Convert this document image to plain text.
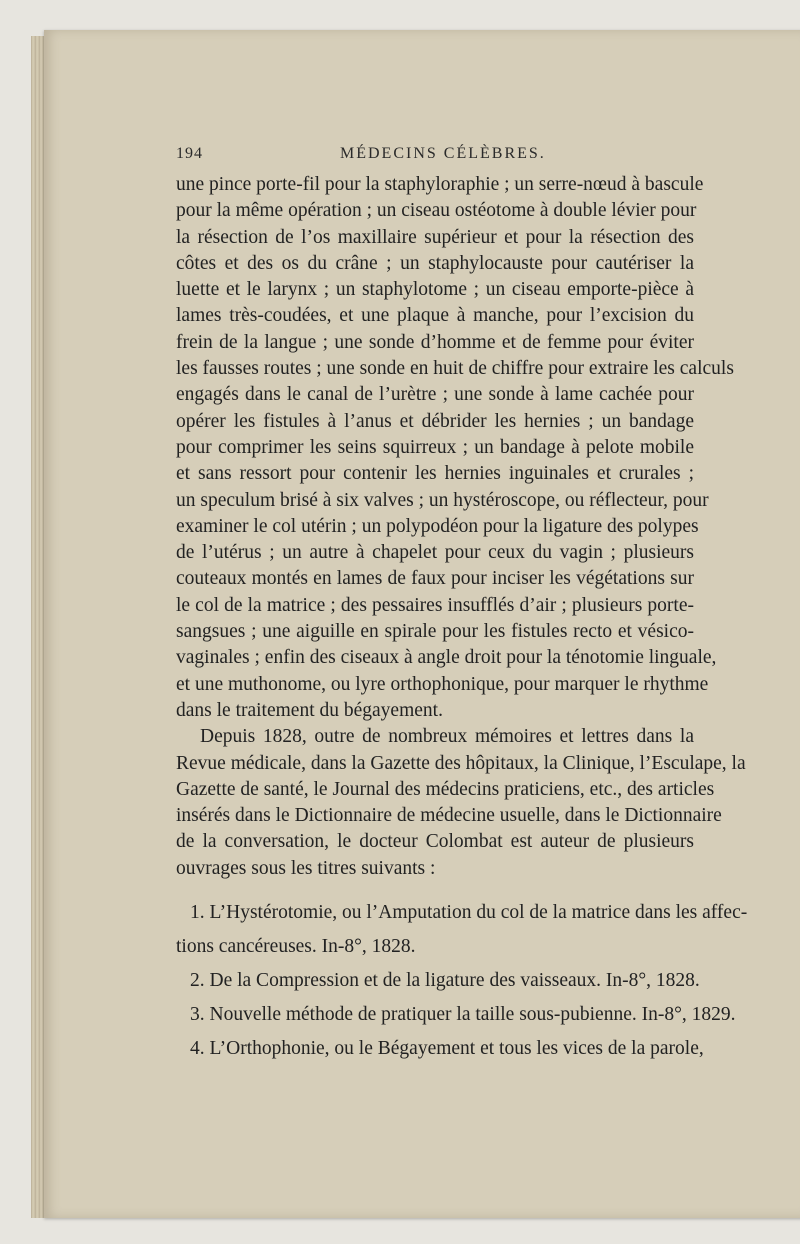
194	MÉDECINS CÉLÈBRES.
une pince porte-fil pour la staphyloraphie ; un serre-nœud à bascule
pour la même opération ; un ciseau ostéotome à double lévier pour
la résection de l’os maxillaire supérieur et pour la résection des
côtes et des os du crâne ; un staphylocauste pour cautériser la
luette et le larynx ; un staphylotome ; un ciseau emporte-pièce à
lames très-coudées, et une plaque à manche, pour l’excision du
frein de la langue ; une sonde d’homme et de femme pour éviter
les fausses routes ; une sonde en huit de chiffre pour extraire les calculs
engagés dans le canal de l’urètre ; une sonde à lame cachée pour
opérer les fistules à l’anus et débrider les hernies ; un bandage
pour comprimer les seins squirreux ; un bandage à pelote mobile
et sans ressort pour contenir les hernies inguinales et crurales ;
un speculum brisé à six valves ; un hystéroscope, ou réflecteur, pour
examiner le col utérin ; un polypodéon pour la ligature des polypes
de l’utérus ; un autre à chapelet pour ceux du vagin ; plusieurs
couteaux montés en lames de faux pour inciser les végétations sur
le col de la matrice ; des pessaires insufflés d’air ; plusieurs porte-
sangsues ; une aiguille en spirale pour les fistules recto et vésico-
vaginales ; enfin des ciseaux à angle droit pour la ténotomie linguale,
et une muthonome, ou lyre orthophonique, pour marquer le rhythme
dans le traitement du bégayement.
Depuis 1828, outre de nombreux mémoires et lettres dans la
Revue médicale, dans la Gazette des hôpitaux, la Clinique, l’Esculape, la
Gazette de santé, le Journal des médecins praticiens, etc., des articles
insérés dans le Dictionnaire de médecine usuelle, dans le Dictionnaire
de la conversation, le docteur Colombat est auteur de plusieurs
ouvrages sous les titres suivants :
1. L’Hystérotomie, ou l’Amputation du col de la matrice dans les affec-
tions cancéreuses. In-8°, 1828.
2. De la Compression et de la ligature des vaisseaux. In-8°, 1828.
3. Nouvelle méthode de pratiquer la taille sous-pubienne. In-8°, 1829.
4. L’Orthophonie, ou le Bégayement et tous les vices de la parole,
